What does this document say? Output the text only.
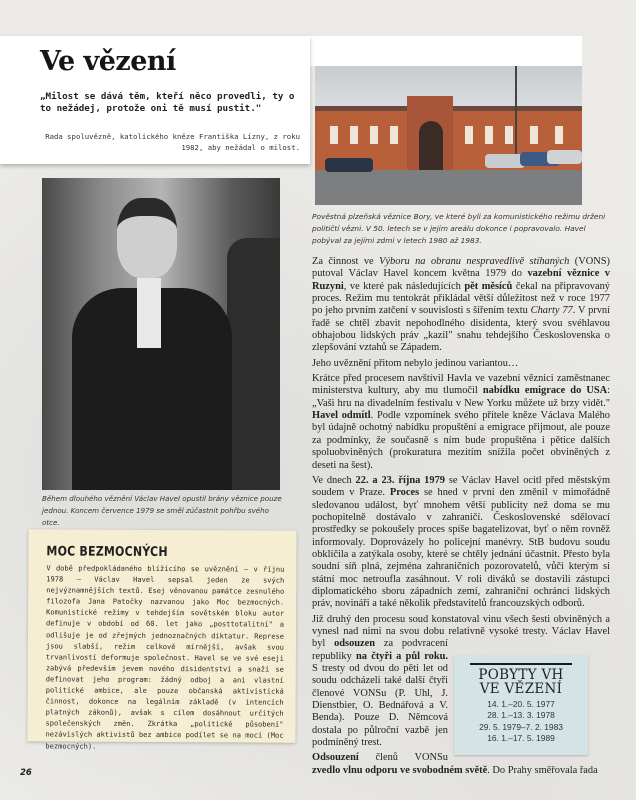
Ve vězení
„Milost se dává těm, kteří něco provedli, ty o to nežádej, protože oni tě musí pustit."
Rada spoluvězně, katolického kněze Františka Lízny, z roku 1982, aby nežádal o milost.
Pověstná plzeňská věznice Bory, ve které byli za komunistického režimu drženi političtí vězni. V 50. letech se v jejím areálu dokonce i popravovalo. Havel pobýval za jejími zdmi v letech 1980 až 1983.
Během dlouhého věznění Václav Havel opustil brány věznice pouze jednou. Koncem července 1979 se směl zúčastnit pohřbu svého otce.

Za činnost ve Výboru na obranu nespravedlivě stíhaných (VONS) putoval Václav Havel koncem května 1979 do vazební věznice v Ruzyni, ve které pak následujících pět měsíců čekal na připravovaný proces. Režim mu tentokrát přikládal větší důležitost než v roce 1977 po jeho prvním zatčení v souvislosti s šířením textu Charty 77. V první řadě se chtěl zbavit nepohodlného disidenta, který svou svéhlavou obhajobou lidských práv „kazil" snahu tehdejšího Československa o zlepšování vztahů se Západem.

Jeho uvěznění přitom nebylo jedinou variantou…

Krátce před procesem navštívil Havla ve vazební věznici zaměstnanec ministerstva kultury, aby mu tlumočil nabídku emigrace do USA: „Vaši hru na divadelním festivalu v New Yorku můžete už brzy vidět." Havel odmítl. Podle vzpomínek svého přítele kněze Václava Malého byl údajně ochotný nabídku propuštění a emigrace přijmout, ale pouze za podmínky, že současně s ním bude propuštěna i pětice dalších spoluobviněných (prokuratura mezitím snížila počet obviněných z deseti na šest).

Ve dnech 22. a 23. října 1979 se Václav Havel ocitl před městským soudem v Praze. Proces se hned v první den změnil v mimořádně sledovanou událost, byť mnohem větší publicity než doma se mu pochopitelně dostávalo v zahraničí. Československé sdělovací prostředky se pokoušely proces spíše bagatelizovat, byť o něm rovněž informovaly. Doprovázely ho policejní manévry. StB budovu soudu obklíčila a zatýkala osoby, které se chtěly jednání účastnit. Přesto byla soudní síň plná, zejména zahraničních pozorovatelů, vůči kterým si státní moc netroufla zasáhnout. V roli diváků se dostavili zástupci diplomatického sboru západních zemí, zahraniční ochránci lidských práv, novináři a také několik představitelů francouzských odborů.

Již druhý den procesu soud konstatoval vinu všech šesti obviněných a vynesl nad nimi na svou dobu relativně vysoké tresty. Václav Havel byl odsouzen za podvracení republiky na čtyři a půl roku. S tresty od dvou do pěti let od soudu odcházeli také další čtyři členové VONSu (P. Uhl, J. Dienstbier, O. Bednářová a V. Benda). Pouze D. Němcová dostala po půlroční vazbě jen podmíněný trest.

Odsouzení členů VONSu zvedlo vlnu odporu ve svobodném světě. Do Prahy směřovala řada

MOC BEZMOCNÝCH
V době předpokládaného blížícího se uvěznění – v říjnu 1978 – Václav Havel sepsal jeden ze svých nejvýznamnějších textů. Esej věnovanou památce zesnulého filozofa Jana Patočky nazvanou jako Moc bezmocných. Komunistické režimy v tehdejším sovětském bloku autor definuje v období od 60. let jako „posttotalitní" a odlišuje je od zřejmých jednoznačných diktatur. Represe jsou slabší, režim celkově mírnější, avšak svou trvanlivostí deformuje společnost. Havel se ve své eseji zabývá především jevem nového disidentství a snaží se definovat jeho program: žádný odboj a ani vlastní politické ambice, ale pouze občanská aktivistická činnost, dokonce na legálním základě (v intencích platných zákonů), avšak s cílem dosáhnout určitých společenských změn. Zkrátka „politické působení" nezávislých aktivistů bez ambice podílet se na moci (Moc bezmocných).
POBYTY VH
VE VĚZENÍ
14. 1.–20. 5. 1977
28. 1.–13. 3. 1978
29. 5. 1979–7. 2. 1983
16. 1.–17. 5. 1989
26
